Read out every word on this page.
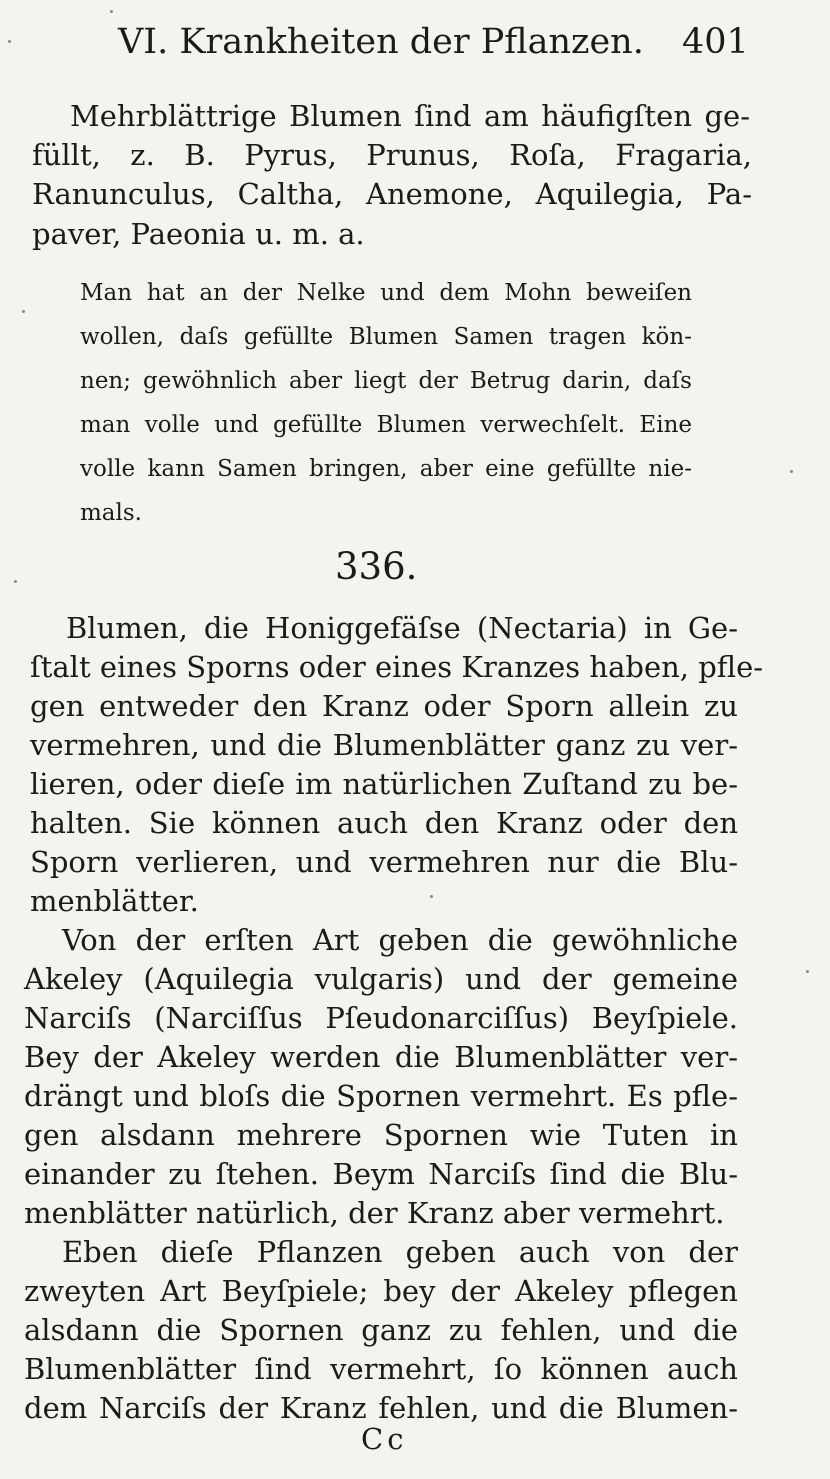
VI. Krankheiten der Pflanzen. 401

Mehrblättrige Blumen ſind am häufigſten ge-

füllt, z. B. Pyrus, Prunus, Roſa, Fragaria,

Ranunculus, Caltha, Anemone, Aquilegia, Pa-

paver, Paeonia u. m. a.

Man hat an der Nelke und dem Mohn beweiſen

wollen, daſs gefüllte Blumen Samen tragen kön-

nen; gewöhnlich aber liegt der Betrug darin, daſs

man volle und gefüllte Blumen verwechſelt. Eine

volle kann Samen bringen, aber eine gefüllte nie-

mals.

336.

Blumen, die Honiggefäſse (Nectaria) in Ge-

ſtalt eines Sporns oder eines Kranzes haben, pfle-

gen entweder den Kranz oder Sporn allein zu

vermehren, und die Blumenblätter ganz zu ver-

lieren, oder dieſe im natürlichen Zuſtand zu be-

halten. Sie können auch den Kranz oder den

Sporn verlieren, und vermehren nur die Blu-

menblätter.

Von der erſten Art geben die gewöhnliche

Akeley (Aquilegia vulgaris) und der gemeine

Narciſs (Narciſſus Pſeudonarciſſus) Beyſpiele.

Bey der Akeley werden die Blumenblätter ver-

drängt und bloſs die Spornen vermehrt. Es pfle-

gen alsdann mehrere Spornen wie Tuten in

einander zu ſtehen. Beym Narciſs ſind die Blu-

menblätter natürlich, der Kranz aber vermehrt.

Eben dieſe Pflanzen geben auch von der

zweyten Art Beyſpiele; bey der Akeley pflegen

alsdann die Spornen ganz zu fehlen, und die

Blumenblätter ſind vermehrt, ſo können auch

dem Narciſs der Kranz fehlen, und die Blumen-

Cc
